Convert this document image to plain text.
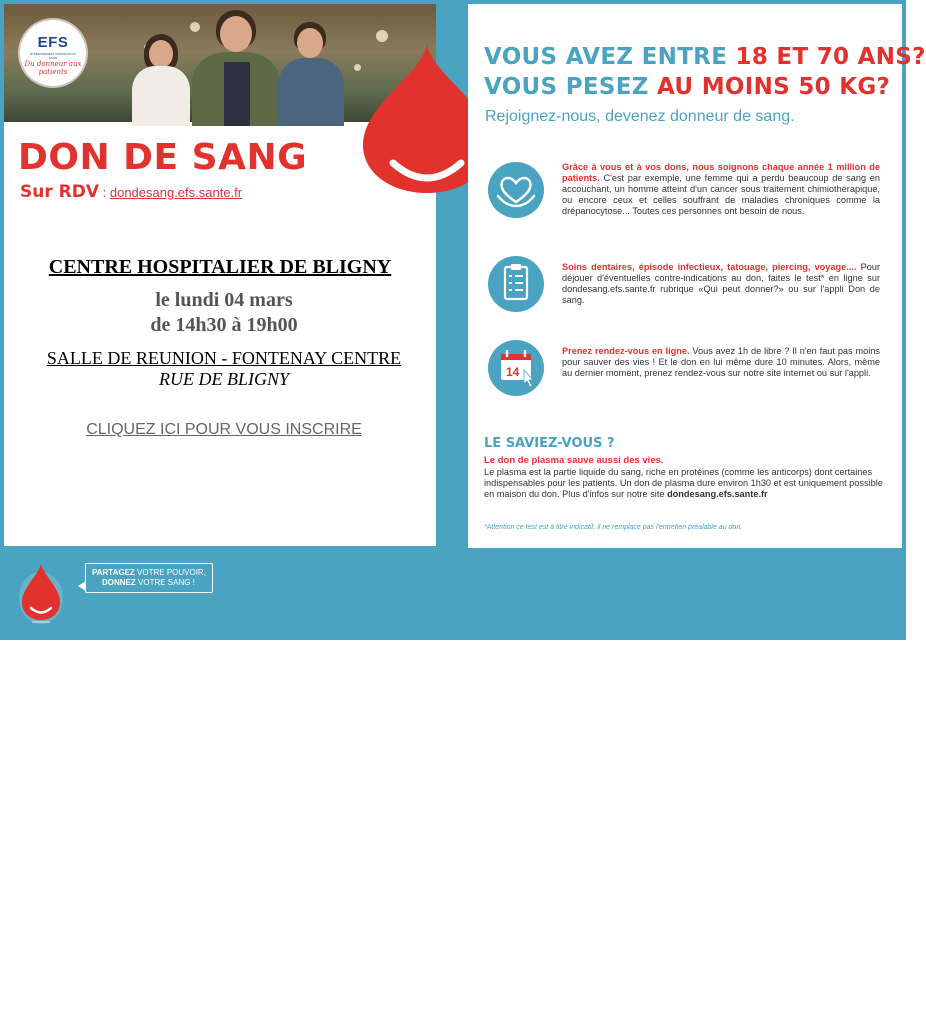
EFS
ÉTABLISSEMENT FRANÇAIS DU SANG
Du donneur aux patients
DON DE SANG
Sur RDV : dondesang.efs.sante.fr
CENTRE HOSPITALIER DE BLIGNY
le lundi 04 mars
de 14h30 à 19h00
SALLE DE REUNION - FONTENAY CENTRE
RUE DE BLIGNY
CLIQUEZ ICI POUR VOUS INSCRIRE
VOUS AVEZ ENTRE 18 ET 70 ANS?
VOUS PESEZ AU MOINS 50 KG?
Rejoignez-nous, devenez donneur de sang.
Grâce à vous et à vos dons, nous soignons chaque année 1 million de patients. C'est par exemple, une femme qui a perdu beaucoup de sang en accouchant, un homme atteint d'un cancer sous traitement chimiothérapique, ou encore ceux et celles souffrant de maladies chroniques comme la drépanocytose... Toutes ces personnes ont besoin de nous.
Soins dentaires, épisode infectieux, tatouage, piercing, voyage.... Pour déjouer d'éventuelles contre-indications au don, faites le test* en ligne sur dondesang.efs.sante.fr rubrique «Qui peut donner?» ou sur l'appli Don de sang.
14
Prenez rendez-vous en ligne. Vous avez 1h de libre ? Il n'en faut pas moins pour sauver des vies ! Et le don en lui même dure 10 minutes. Alors, même au dernier moment, prenez rendez-vous sur notre site internet ou sur l'appli.
LE SAVIEZ-VOUS ?
Le don de plasma sauve aussi des vies.
Le plasma est la partie liquide du sang, riche en protéines (comme les anticorps) dont certaines indispensables pour les patients. Un don de plasma dure environ 1h30 et est uniquement possible en maison du don. Plus d'infos sur notre site dondesang.efs.sante.fr
*Attention ce test est à titre indicatif, il ne remplace pas l'entretien préalable au don.
PARTAGEZ VOTRE POUVOIR,
DONNEZ VOTRE SANG !
